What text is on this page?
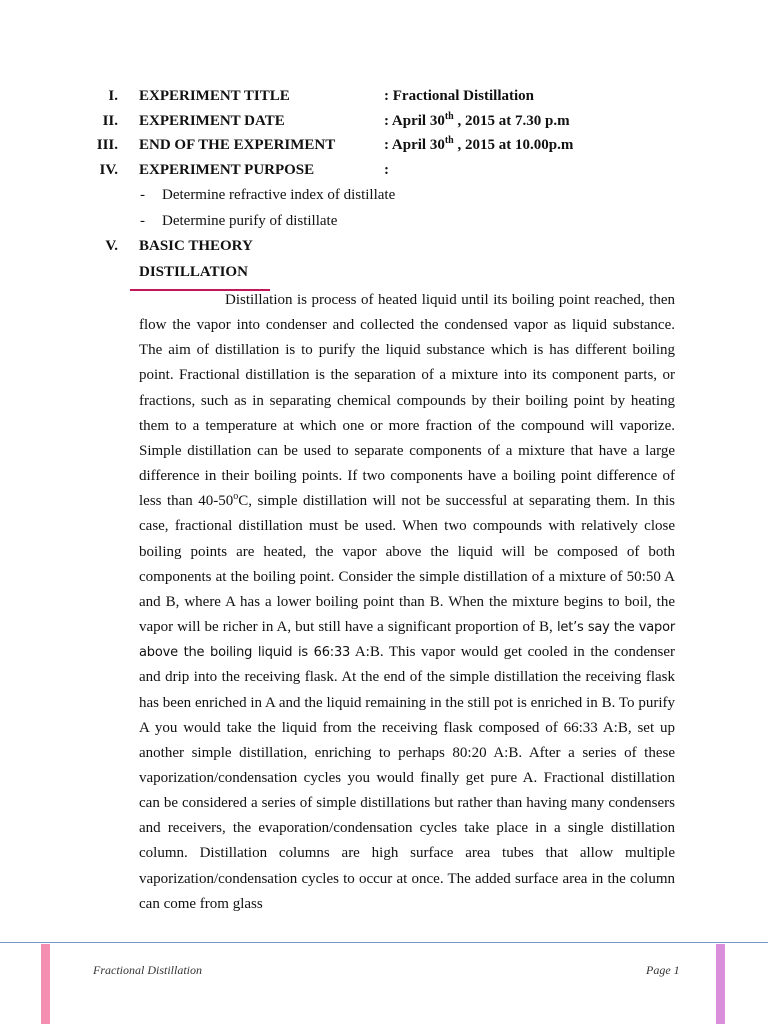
I. EXPERIMENT TITLE	: Fractional Distillation
II. EXPERIMENT DATE	: April 30th , 2015 at 7.30 p.m
III. END OF THE EXPERIMENT	: April 30th , 2015 at 10.00p.m
IV. EXPERIMENT PURPOSE	:
- Determine refractive index of distillate
- Determine purify of distillate
V. BASIC THEORY
DISTILLATION
Distillation is process of heated liquid until its boiling point reached, then flow the vapor into condenser and collected the condensed vapor as liquid substance. The aim of distillation is to purify the liquid substance which is has different boiling point. Fractional distillation is the separation of a mixture into its component parts, or fractions, such as in separating chemical compounds by their boiling point by heating them to a temperature at which one or more fraction of the compound will vaporize. Simple distillation can be used to separate components of a mixture that have a large difference in their boiling points. If two components have a boiling point difference of less than 40-50$^o$C, simple distillation will not be successful at separating them. In this case, fractional distillation must be used. When two compounds with relatively close boiling points are heated, the vapor above the liquid will be composed of both components at the boiling point. Consider the simple distillation of a mixture of 50:50 A and B, where A has a lower boiling point than B. When the mixture begins to boil, the vapor will be richer in A, but still have a significant proportion of B, let’s say the vapor above the boiling liquid is 66:33 A:B. This vapor would get cooled in the condenser and drip into the receiving flask. At the end of the simple distillation the receiving flask has been enriched in A and the liquid remaining in the still pot is enriched in B. To purify A you would take the liquid from the receiving flask composed of 66:33 A:B, set up another simple distillation, enriching to perhaps 80:20 A:B. After a series of these vaporization/condensation cycles you would finally get pure A. Fractional distillation can be considered a series of simple distillations but rather than having many condensers and receivers, the evaporation/condensation cycles take place in a single distillation column. Distillation columns are high surface area tubes that allow multiple vaporization/condensation cycles to occur at once. The added surface area in the column can come from glass
Fractional Distillation	Page 1
